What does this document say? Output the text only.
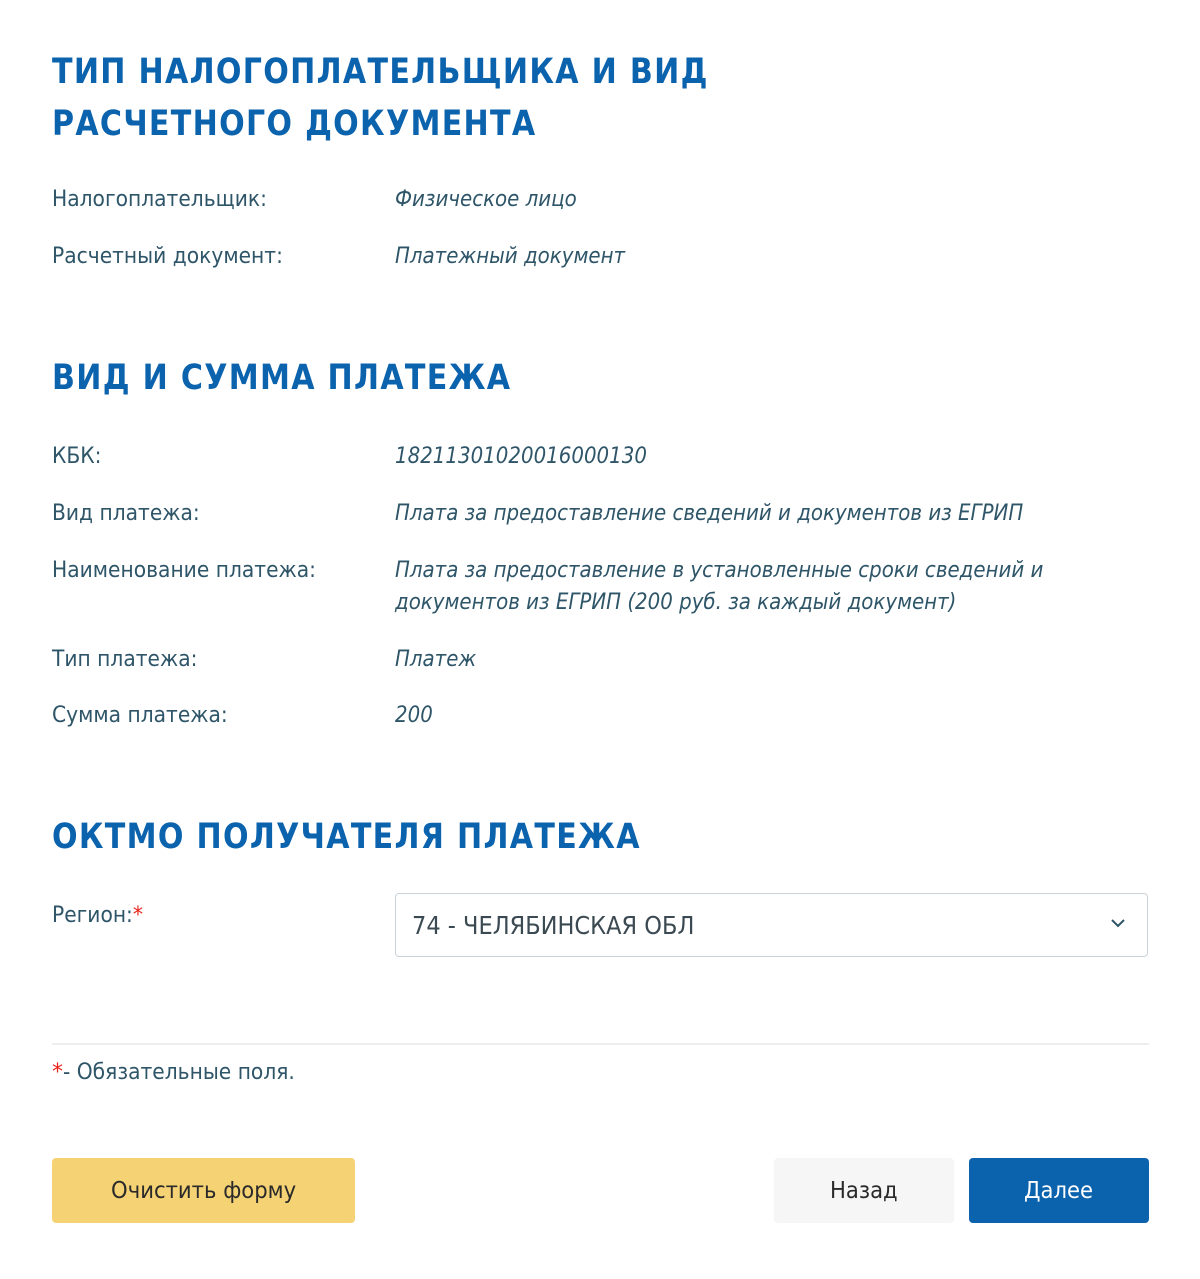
ТИП НАЛОГОПЛАТЕЛЬЩИКА И ВИД РАСЧЕТНОГО ДОКУМЕНТА
Налогоплательщик:	Физическое лицо
Расчетный документ:	Платежный документ
ВИД И СУММА ПЛАТЕЖА
КБК:	18211301020016000130
Вид платежа:	Плата за предоставление сведений и документов из ЕГРИП
Наименование платежа:	Плата за предоставление в установленные сроки сведений и документов из ЕГРИП (200 руб. за каждый документ)
Тип платежа:	Платеж
Сумма платежа:	200
ОКТМО ПОЛУЧАТЕЛЯ ПЛАТЕЖА
Регион:*	74 - ЧЕЛЯБИНСКАЯ ОБЛ
*- Обязательные поля.
Очистить форму	Назад	Далее
